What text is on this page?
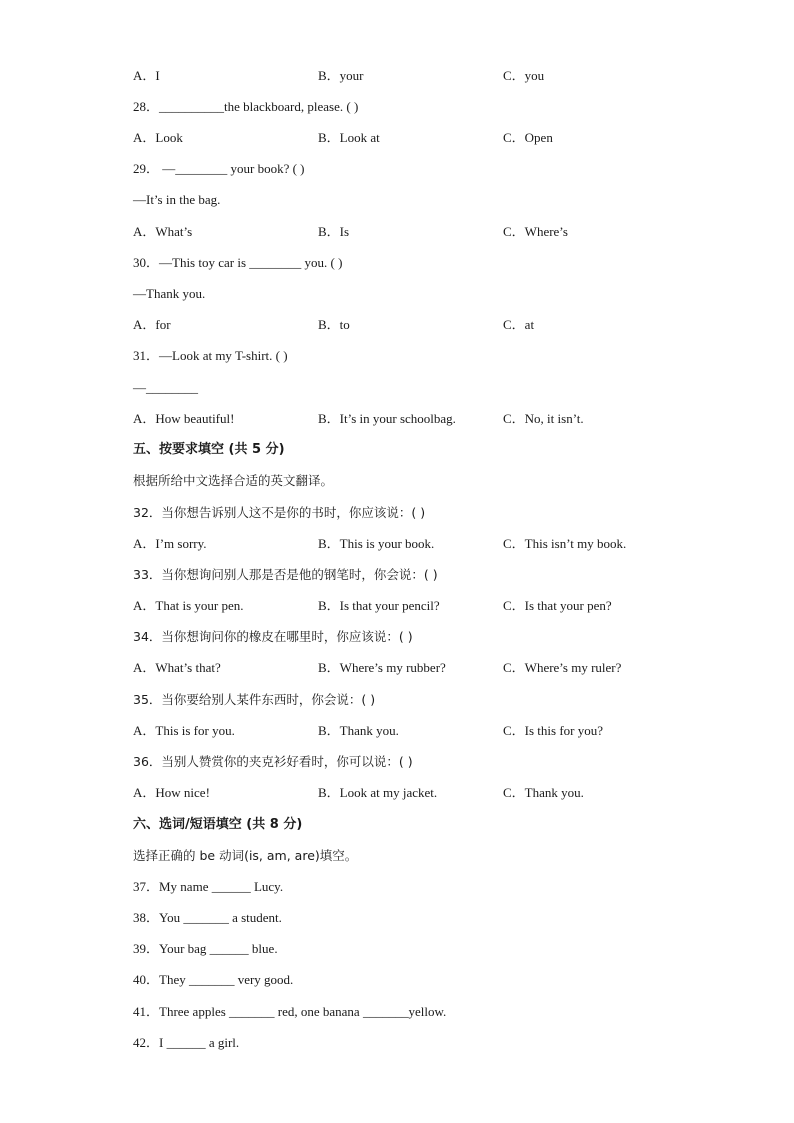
A．I	B．your	C．you
28．__________the blackboard, please. ( )
A．Look	B．Look at	C．Open
29． —________ your book? ( )
—It’s in the bag.
A．What’s	B．Is	C．Where’s
30．—This toy car is ________ you. ( )
—Thank you.
A．for	B．to	C．at
31．—Look at my T-shirt. ( )
—________
A．How beautiful!	B．It’s in your schoolbag.	C．No, it isn’t.
五、按要求填空 (共 5 分)
根据所给中文选择合适的英文翻译。
32．当你想告诉别人这不是你的书时，你应该说：( )
A．I’m sorry.	B．This is your book.	C．This isn’t my book.
33．当你想询问别人那是否是他的钢笔时，你会说：( )
A．That is your pen.	B．Is that your pencil?	C．Is that your pen?
34．当你想询问你的橡皮在哪里时，你应该说：( )
A．What’s that?	B．Where’s my rubber?	C．Where’s my ruler?
35．当你要给别人某件东西时，你会说：( )
A．This is for you.	B．Thank you.	C．Is this for you?
36．当别人赞赏你的夹克衫好看时，你可以说：( )
A．How nice!	B．Look at my jacket.	C．Thank you.
六、选词/短语填空 (共 8 分)
选择正确的 be 动词(is, am, are)填空。
37．My name ______ Lucy.
38．You _______ a student.
39．Your bag ______ blue.
40．They _______ very good.
41．Three apples _______ red, one banana _______yellow.
42．I ______ a girl.
